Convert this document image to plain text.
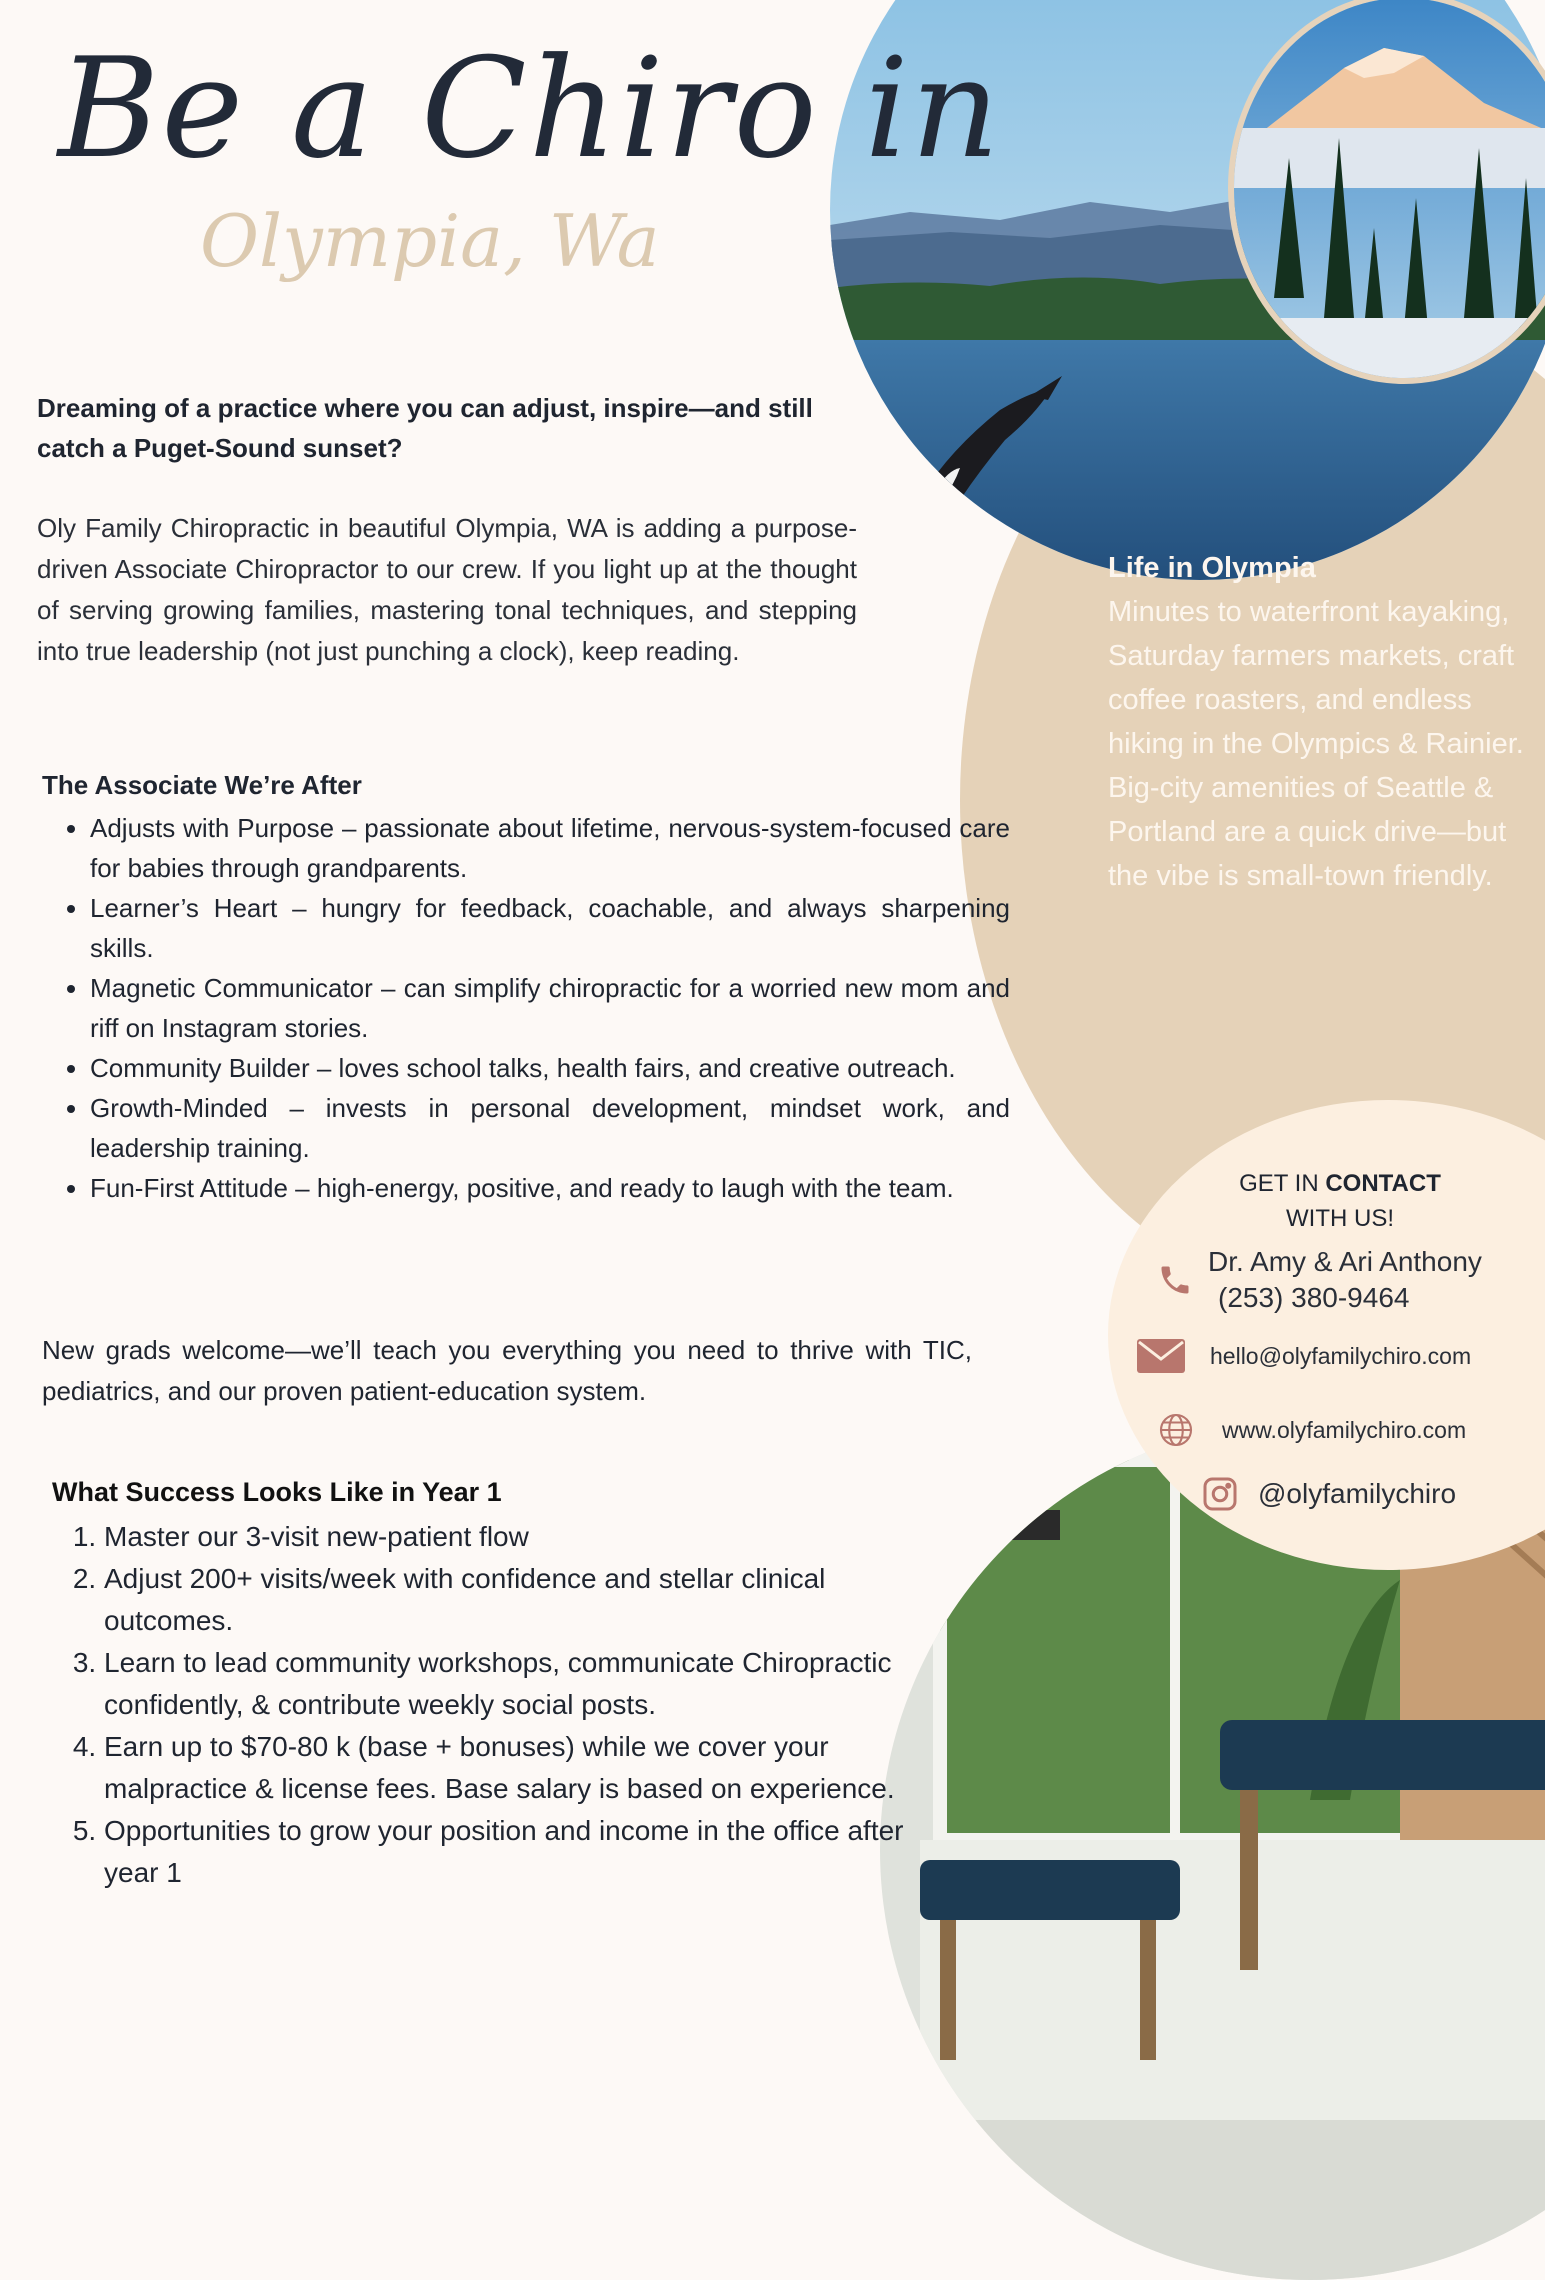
Be a Chiro in
Olympia, Wa
Dreaming of a practice where you can adjust, inspire—and still catch a Puget-Sound sunset?
Oly Family Chiropractic in beautiful Olympia, WA is adding a purpose-driven Associate Chiropractor to our crew. If you light up at the thought of serving growing families, mastering tonal techniques, and stepping into true leadership (not just punching a clock), keep reading.
The Associate We’re After
• Adjusts with Purpose – passionate about lifetime, nervous-system-focused care for babies through grandparents.
• Learner’s Heart – hungry for feedback, coachable, and always sharpening skills.
• Magnetic Communicator – can simplify chiropractic for a worried new mom and riff on Instagram stories.
• Community Builder – loves school talks, health fairs, and creative outreach.
• Growth-Minded – invests in personal development, mindset work, and leadership training.
• Fun-First Attitude – high-energy, positive, and ready to laugh with the team.
New grads welcome—we’ll teach you everything you need to thrive with TIC, pediatrics, and our proven patient-education system.
What Success Looks Like in Year 1
1. Master our 3-visit new-patient flow
2. Adjust 200+ visits/week with confidence and stellar clinical outcomes.
3. Learn to lead community workshops, communicate Chiropractic confidently, & contribute weekly social posts.
4. Earn up to $70-80 k (base + bonuses) while we cover your malpractice & license fees. Base salary is based on experience.
5. Opportunities to grow your position and income in the office after year 1
Life in Olympia
Minutes to waterfront kayaking, Saturday farmers markets, craft coffee roasters, and endless hiking in the Olympics & Rainier. Big-city amenities of Seattle & Portland are a quick drive—but the vibe is small-town friendly.
GET IN CONTACT
WITH US!
Dr. Amy & Ari Anthony
(253) 380-9464
hello@olyfamilychiro.com
www.olyfamilychiro.com
@olyfamilychiro
